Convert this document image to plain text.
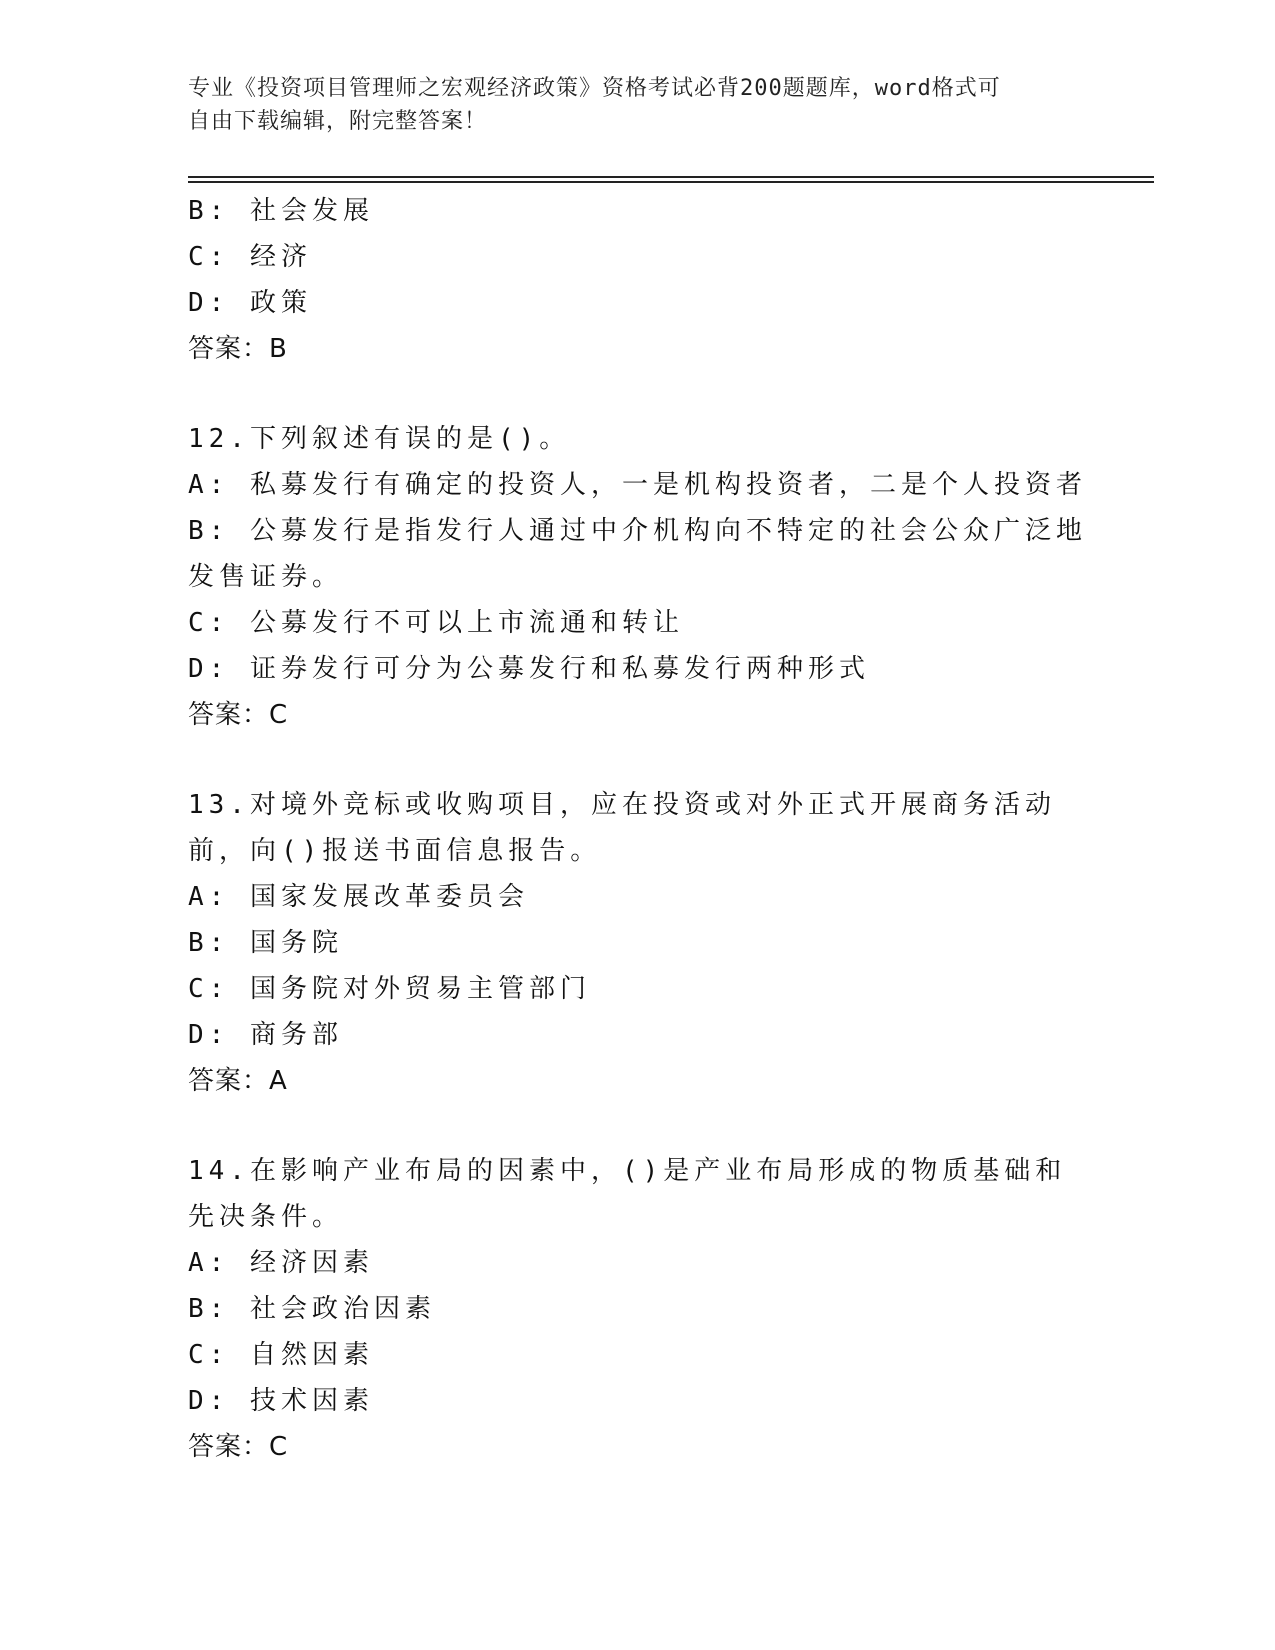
专业《投资项目管理师之宏观经济政策》资格考试必背200题题库，word格式可
自由下载编辑，附完整答案！

B: 社会发展

C: 经济

D: 政策

答案：B

12.下列叙述有误的是()。

A: 私募发行有确定的投资人，一是机构投资者，二是个人投资者

B: 公募发行是指发行人通过中介机构向不特定的社会公众广泛地发售证券。

C: 公募发行不可以上市流通和转让

D: 证券发行可分为公募发行和私募发行两种形式

答案：C

13.对境外竞标或收购项目，应在投资或对外正式开展商务活动前，向()报送书面信息报告。

A: 国家发展改革委员会

B: 国务院

C: 国务院对外贸易主管部门

D: 商务部

答案：A

14.在影响产业布局的因素中，()是产业布局形成的物质基础和先决条件。

A: 经济因素

B: 社会政治因素

C: 自然因素

D: 技术因素

答案：C
